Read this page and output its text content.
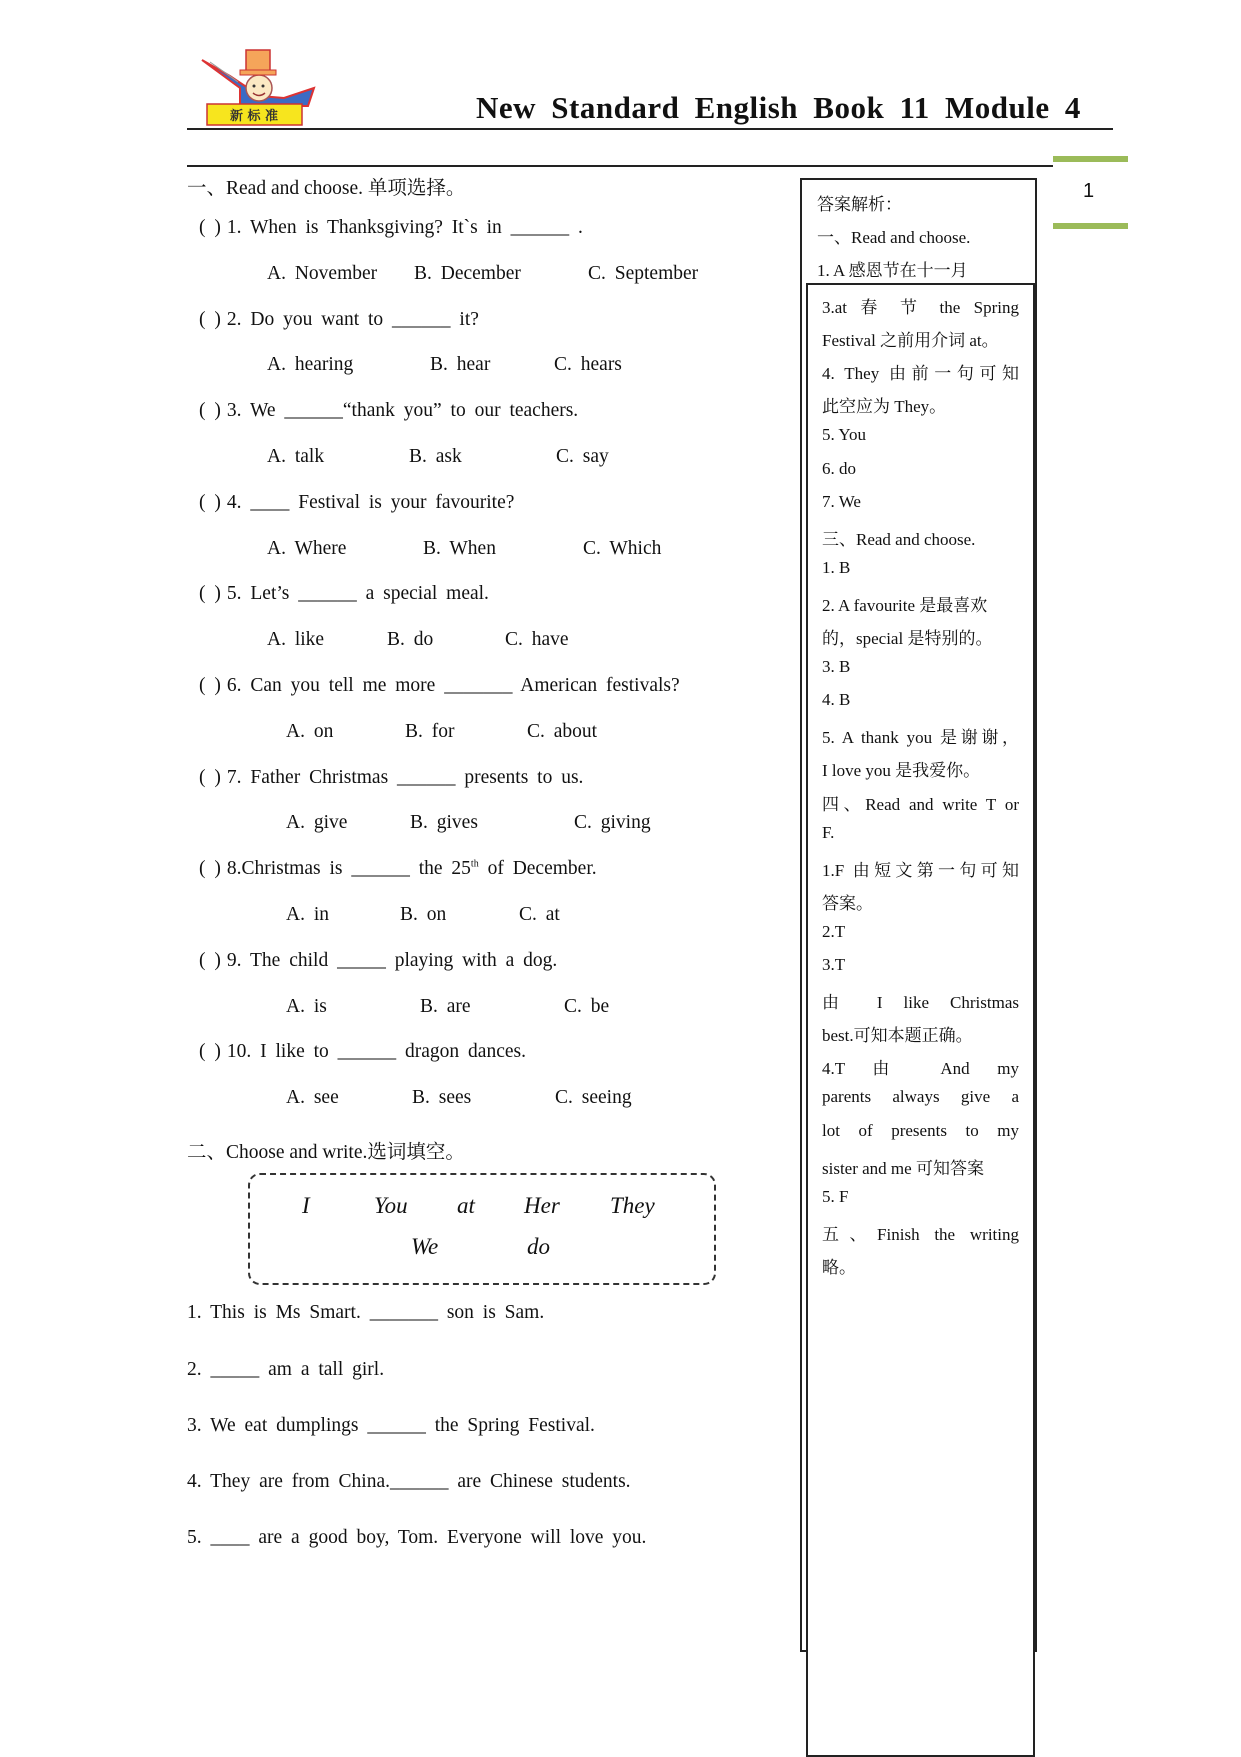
新 标 准	New Standard English Book 11 Module 4
1
一、Read and choose. 单项选择。
( ) 1. When is Thanksgiving? It`s in ______ .
A. November B. December	C. September
( ) 2. Do you want to ______ it?
A. hearing	B. hear	C. hears
( ) 3. We ______“thank you” to our teachers.
A. talk	B. ask	C. say
( ) 4. ____ Festival is your favourite?
A. Where	B. When	C. Which
( ) 5. Let’s ______ a special meal.
A. like	B. do	C. have
( ) 6. Can you tell me more _______ American festivals?
A. on	B. for	C. about
( ) 7. Father Christmas ______ presents to us.
A. give	B. gives	C. giving
( ) 8.Christmas is ______ the 25th of December.
A. in	B. on	C. at
( ) 9. The child _____ playing with a dog.
A. is	B. are	C. be
( ) 10. I like to ______ dragon dances.
A. see	B. sees	C. seeing
二、Choose and write.选词填空。
I	You at Her They
We	do
1. This is Ms Smart. _______ son is Sam.
2. _____ am a tall girl.
3. We eat dumplings ______ the Spring Festival.
4. They are from China.______ are Chinese students.
5. ____ are a good boy, Tom. Everyone will love you.
答案解析：
一、Read and choose.
1. A 感恩节在十一月
3.at 春 节 the Spring
Festival 之前用介词 at。
4. They 由前一句可知
此空应为 They。
5. You
6. do
7. We
三、Read and choose.
1. B
2. A favourite 是最喜欢
的，special 是特别的。
3. B
4. B
5. A thank you 是谢谢，
I love you 是我爱你。
四、Read and write T or
F.
1.F 由短文第一句可知
答案。
2.T
3.T
由 I like Christmas
best.可知本题正确。
4.T 由 And my
parents always give a
lot of presents to my
sister and me 可知答案
5. F
五、Finish the writing
略。
